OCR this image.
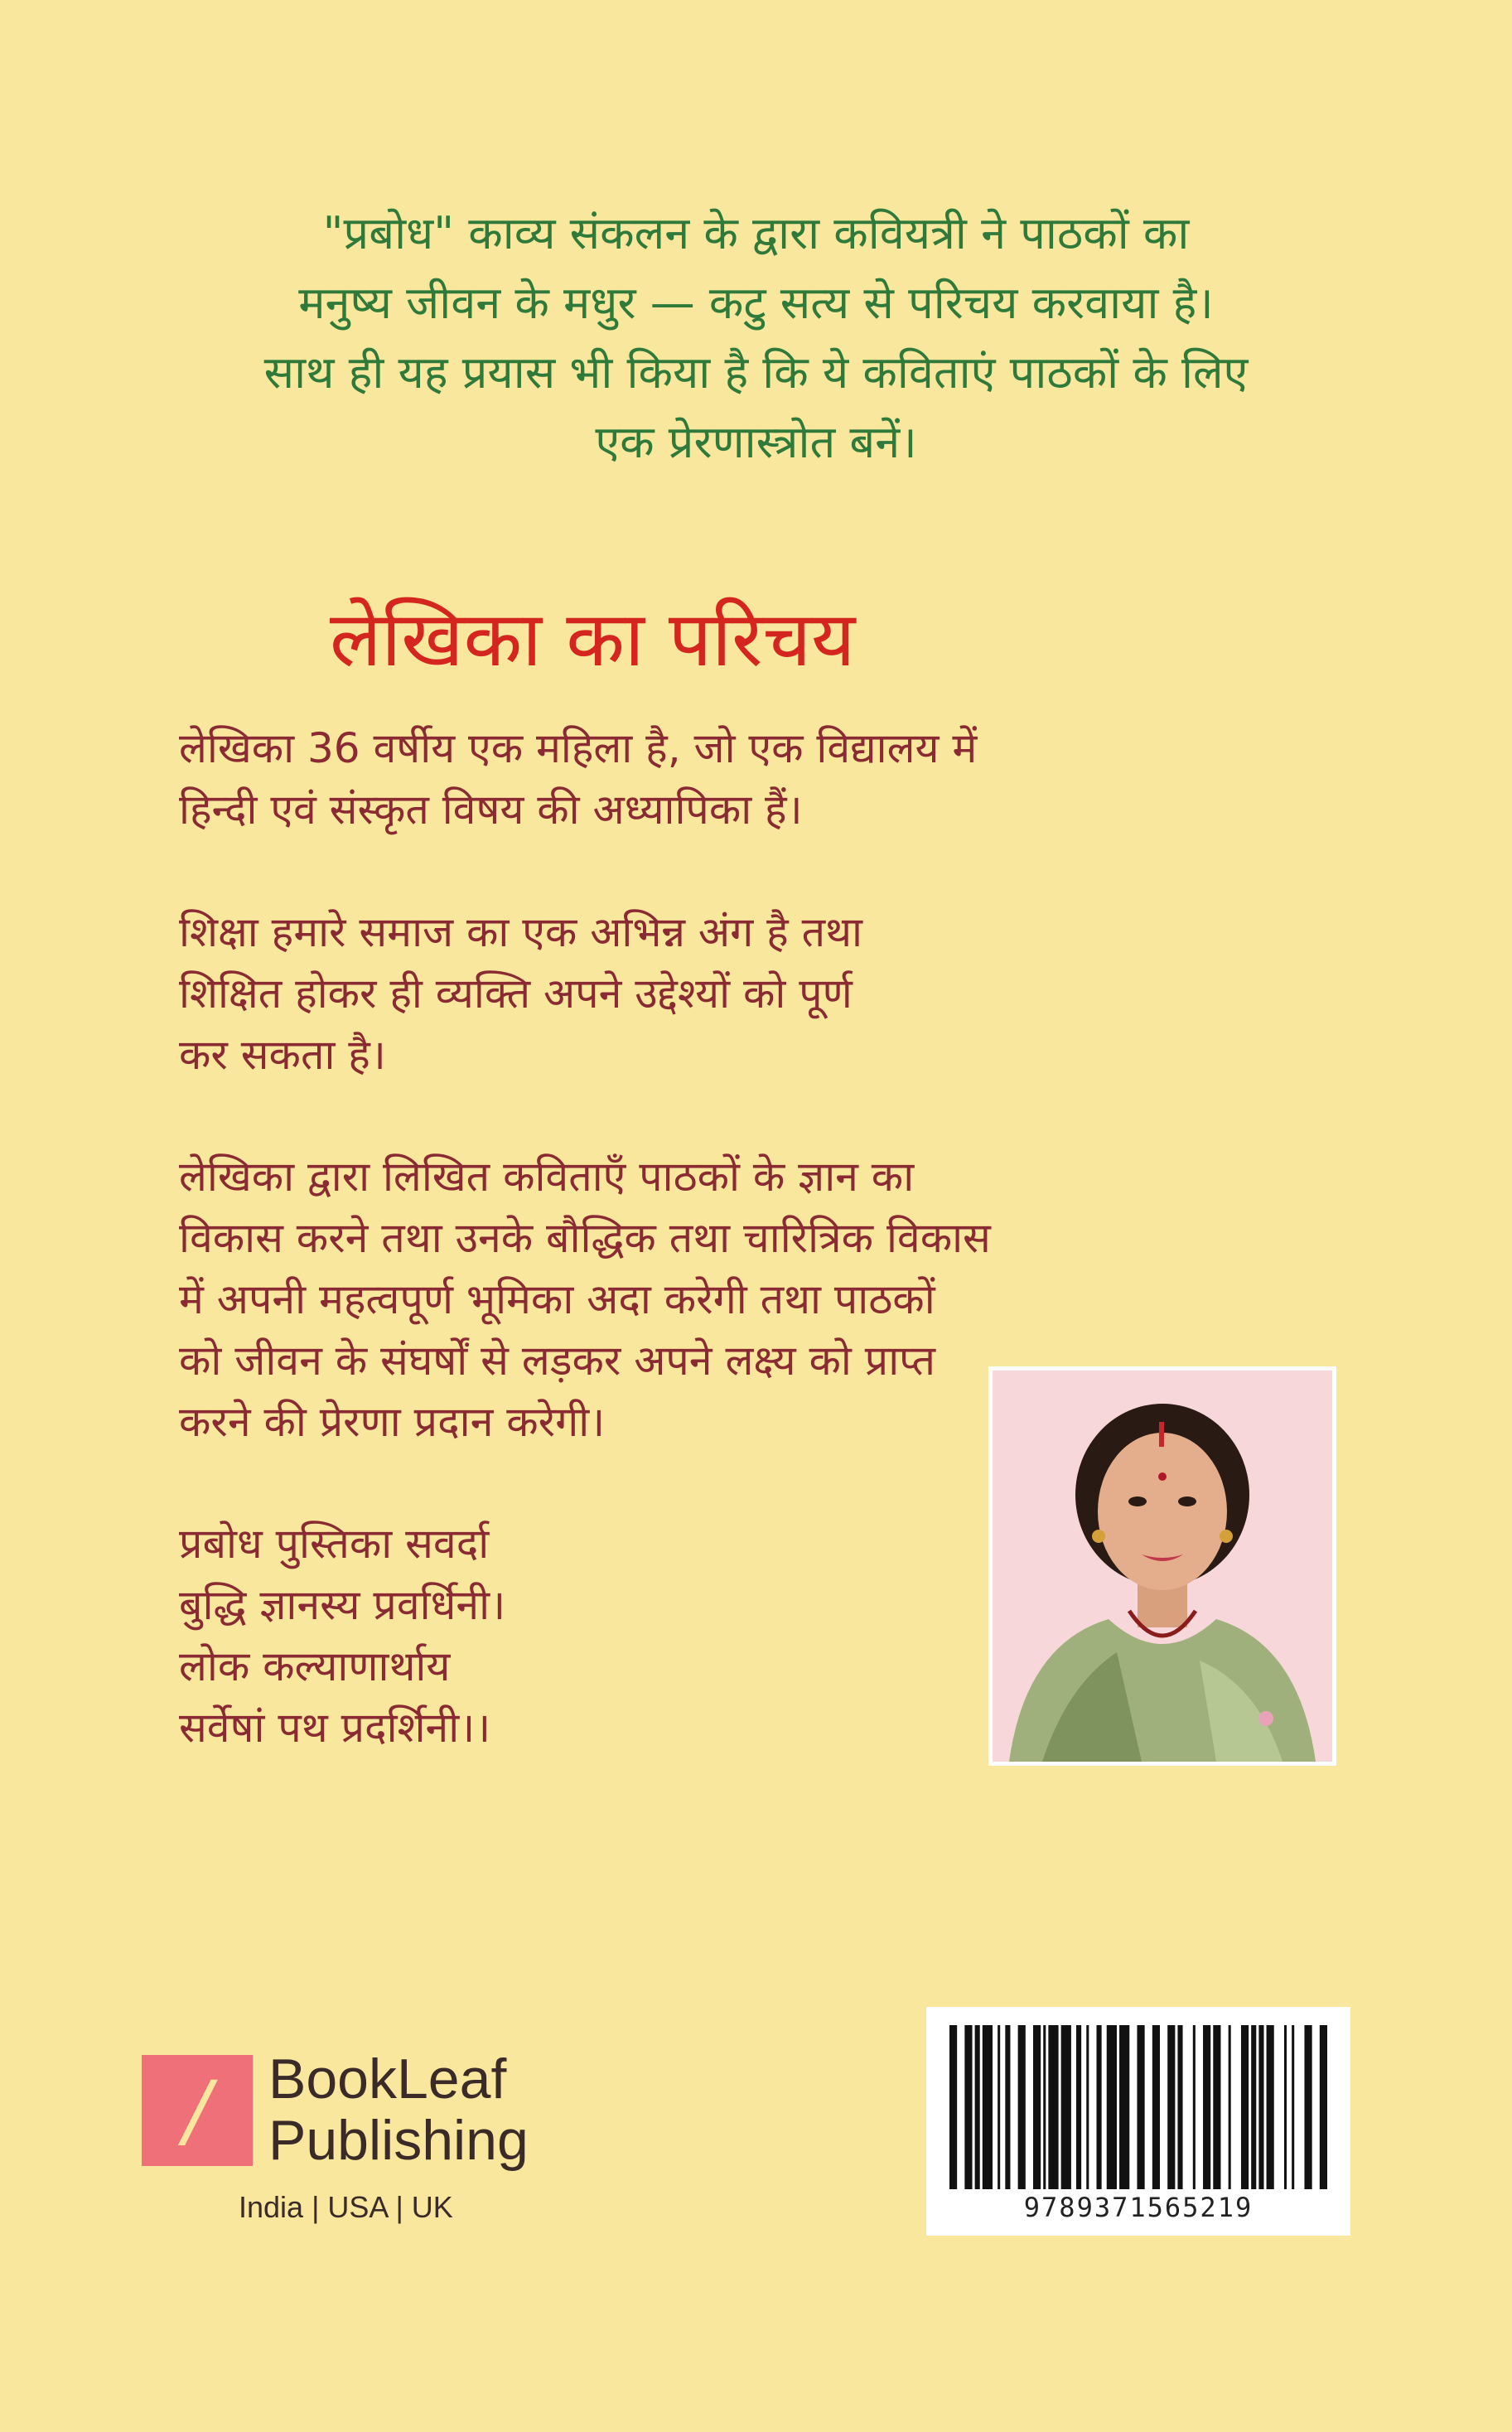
"प्रबोध" काव्य संकलन के द्वारा कवियत्री ने पाठकों का
मनुष्य जीवन के मधुर — कटु सत्य से परिचय करवाया है।
साथ ही यह प्रयास भी किया है कि ये कविताएं पाठकों के लिए
एक प्रेरणास्त्रोत बनें।
लेखिका का परिचय
लेखिका 36 वर्षीय एक महिला है, जो एक विद्यालय में
हिन्दी एवं संस्कृत विषय की अध्यापिका हैं।
शिक्षा हमारे समाज का एक अभिन्न अंग है तथा
शिक्षित होकर ही व्यक्ति अपने उद्देश्यों को पूर्ण
कर सकता है।
लेखिका द्वारा लिखित कविताएँ पाठकों के ज्ञान का
विकास करने तथा उनके बौद्धिक तथा चारित्रिक विकास
में अपनी महत्वपूर्ण भूमिका अदा करेगी तथा पाठकों
को जीवन के संघर्षों से लड़कर अपने लक्ष्य को प्राप्त
करने की प्रेरणा प्रदान करेगी।
प्रबोध पुस्तिका सवर्दा
बुद्धि ज्ञानस्य प्रवर्धिनी।
लोक कल्याणार्थाय
सर्वेषां पथ प्रदर्शिनी।।
/	BookLeaf
Publishing
India | USA | UK	9789371565219
